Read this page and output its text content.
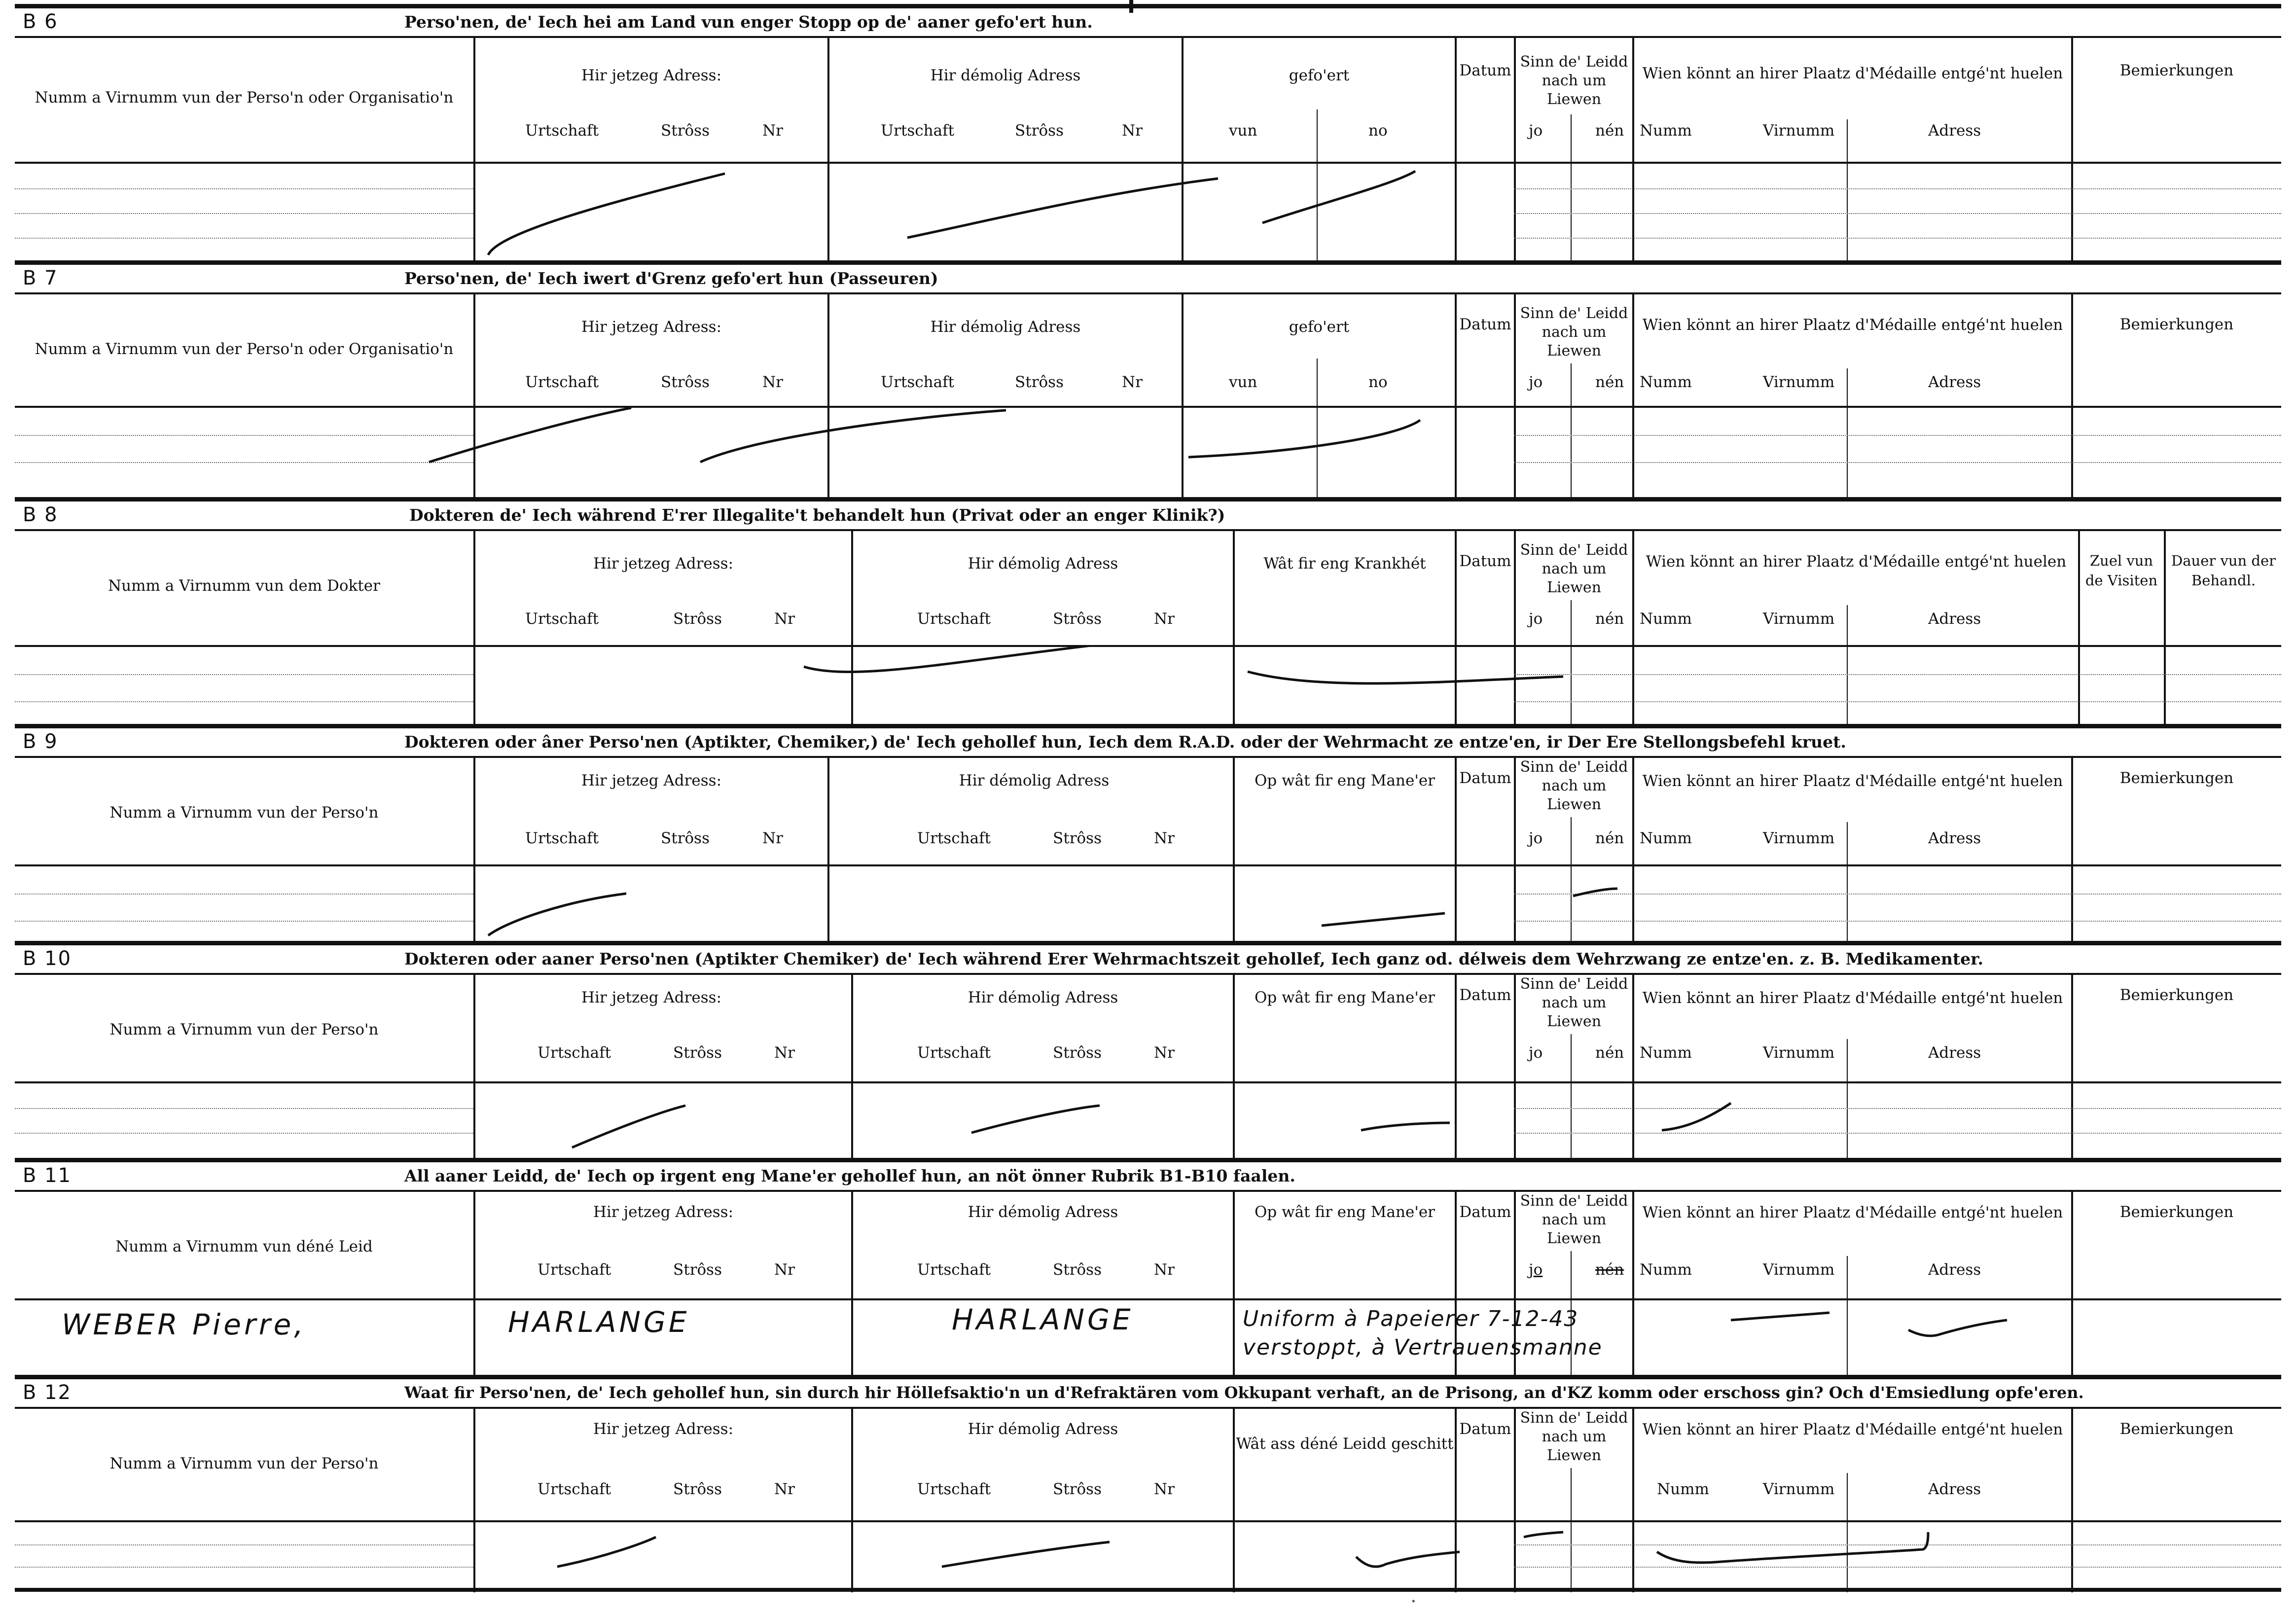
B 6	Perso'nen, de' Iech hei am Land vun enger Stopp op de' aaner gefo'ert hun.
Numm a Virnumm vun der Perso'n oder Organisatio'n
Hir jetzeg Adress:
Urtschaft	Strôss	Nr
Hir démolig Adress
Urtschaft	Strôss	Nr
gefo'ert
vun	no
Datum Sinn de' Leidd nach um Liewen
jo	nén
Wien könnt an hirer Plaatz d'Médaille entgé'nt huelen
Numm	Virnumm	Adress
Bemierkungen
B 7	Perso'nen, de' Iech iwert d'Grenz gefo'ert hun (Passeuren)
Numm a Virnumm vun der Perso'n oder Organisatio'n
Hir jetzeg Adress:
Urtschaft	Strôss	Nr
Hir démolig Adress
Urtschaft	Strôss	Nr
gefo'ert
vun	no
Datum
Sinn de' Leidd nach um Liewen
jo	nén
Wien könnt an hirer Plaatz d'Médaille entgé'nt huelen
Numm	Virnumm	Adress
Bemierkungen
B 8	Dokteren de' Iech während E'rer Illegalite't behandelt hun (Privat oder an enger Klinik?)
Numm a Virnumm vun dem Dokter
Hir jetzeg Adress:
Urtschaft	Strôss	Nr
Hir démolig Adress
Urtschaft	Strôss	Nr
Wât fir eng Krankhét	Datum
Sinn de' Leidd nach um Liewen
jo	nén
Wien könnt an hirer Plaatz d'Médaille entgé'nt huelen
Numm	Virnumm	Adress
Zuel vun de Visiten
Dauer vun der Behandl.
B 9	Dokteren oder âner Perso'nen (Aptikter, Chemiker,) de' Iech gehollef hun, Iech dem R.A.D. oder der Wehrmacht ze entze'en, ir Der Ere Stellongsbefehl kruet.
Numm a Virnumm vun der Perso'n
Hir jetzeg Adress:
Urtschaft	Strôss	Nr
Hir démolig Adress
Urtschaft	Strôss	Nr
Op wât fir eng Mane'er	Datum
Sinn de' Leidd nach um Liewen
jo	nén
Wien könnt an hirer Plaatz d'Médaille entgé'nt huelen
Numm	Virnumm	Adress
Bemierkungen
B 10	Dokteren oder aaner Perso'nen (Aptikter Chemiker) de' Iech während Erer Wehrmachtszeit gehollef, Iech ganz od. délweis dem Wehrzwang ze entze'en. z. B. Medikamenter.
Numm a Virnumm vun der Perso'n
Hir jetzeg Adress:
Urtschaft	Strôss	Nr
Hir démolig Adress
Urtschaft	Strôss	Nr
Op wât fir eng Mane'er	Datum
Sinn de' Leidd nach um Liewen
jo	nén
Wien könnt an hirer Plaatz d'Médaille entgé'nt huelen
Numm	Virnumm	Adress
Bemierkungen
B 11	All aaner Leidd, de' Iech op irgent eng Mane'er gehollef hun, an nöt önner Rubrik B1-B10 faalen.
Numm a Virnumm vun déné Leid
Hir jetzeg Adress:
Urtschaft	Strôss	Nr
Hir démolig Adress
Urtschaft	Strôss	Nr
Op wât fir eng Mane'er	Datum
Sinn de' Leidd nach um Liewen
jo	nén
Wien könnt an hirer Plaatz d'Médaille entgé'nt huelen
Numm	Virnumm	Adress
Bemierkungen
WEBER Pierre,	HARLANGE	HARLANGE	Uniform à Papeierer 7-12-43
verstoppt, à Vertrauensmanne
B 12	Waat fir Perso'nen, de' Iech gehollef hun, sin durch hir Höllefsaktio'n un d'Refraktären vom Okkupant verhaft, an de Prisong, an d'KZ komm oder erschoss gin? Och d'Emsiedlung opfe'eren.
Numm a Virnumm vun der Perso'n
Hir jetzeg Adress:
Urtschaft	Strôss	Nr
Hir démolig Adress
Urtschaft	Strôss	Nr
Wât ass déné Leidd geschitt
Datum
Sinn de' Leidd nach um Liewen
Wien könnt an hirer Plaatz d'Médaille entgé'nt huelen
Numm	Virnumm	Adress
Bemierkungen
·
